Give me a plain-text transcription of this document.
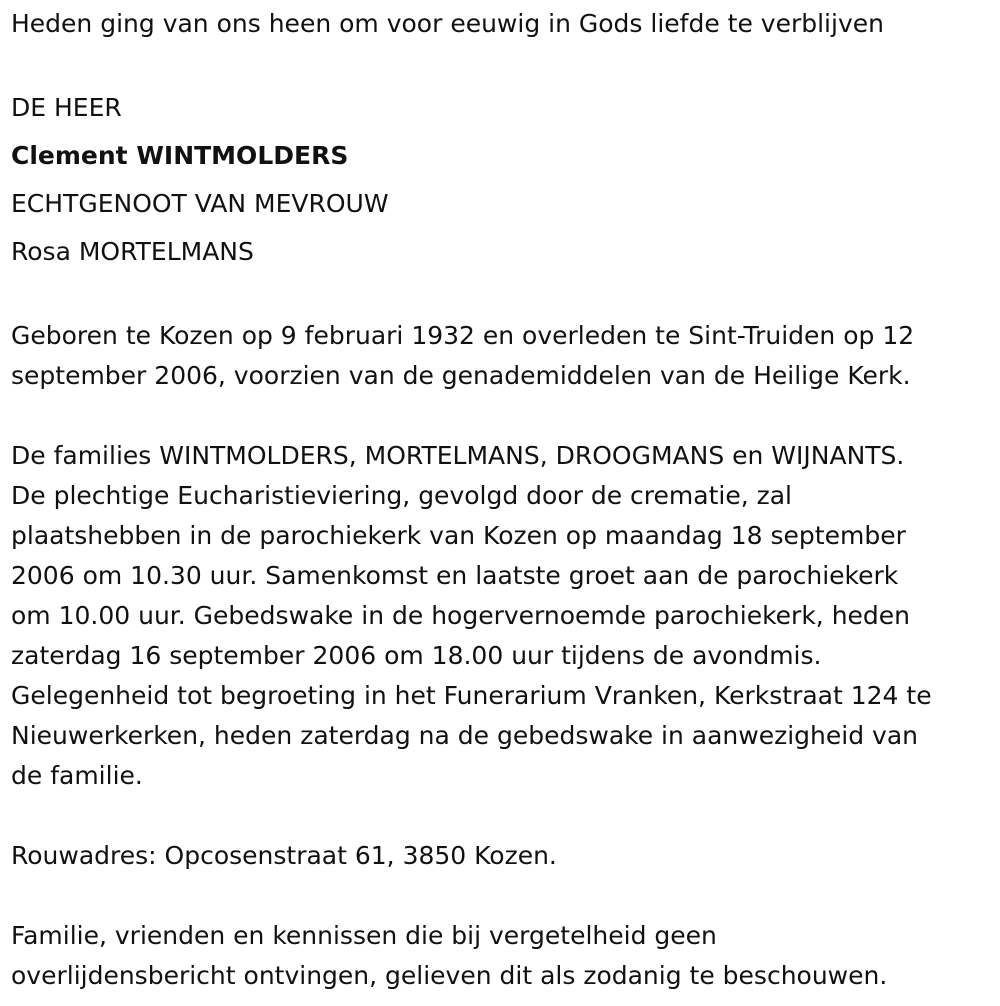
Heden ging van ons heen om voor eeuwig in Gods liefde te verblijven
DE HEER
Clement WINTMOLDERS
ECHTGENOOT VAN MEVROUW
Rosa MORTELMANS
Geboren te Kozen op 9 februari 1932 en overleden te Sint-Truiden op 12
september 2006, voorzien van de genademiddelen van de Heilige Kerk.
De families WINTMOLDERS, MORTELMANS, DROOGMANS en WIJNANTS.
De plechtige Eucharistieviering, gevolgd door de crematie, zal
plaatshebben in de parochiekerk van Kozen op maandag 18 september
2006 om 10.30 uur. Samenkomst en laatste groet aan de parochiekerk
om 10.00 uur. Gebedswake in de hogervernoemde parochiekerk, heden
zaterdag 16 september 2006 om 18.00 uur tijdens de avondmis.
Gelegenheid tot begroeting in het Funerarium Vranken, Kerkstraat 124 te
Nieuwerkerken, heden zaterdag na de gebedswake in aanwezigheid van
de familie.
Rouwadres: Opcosenstraat 61, 3850 Kozen.
Familie, vrienden en kennissen die bij vergetelheid geen
overlijdensbericht ontvingen, gelieven dit als zodanig te beschouwen.
